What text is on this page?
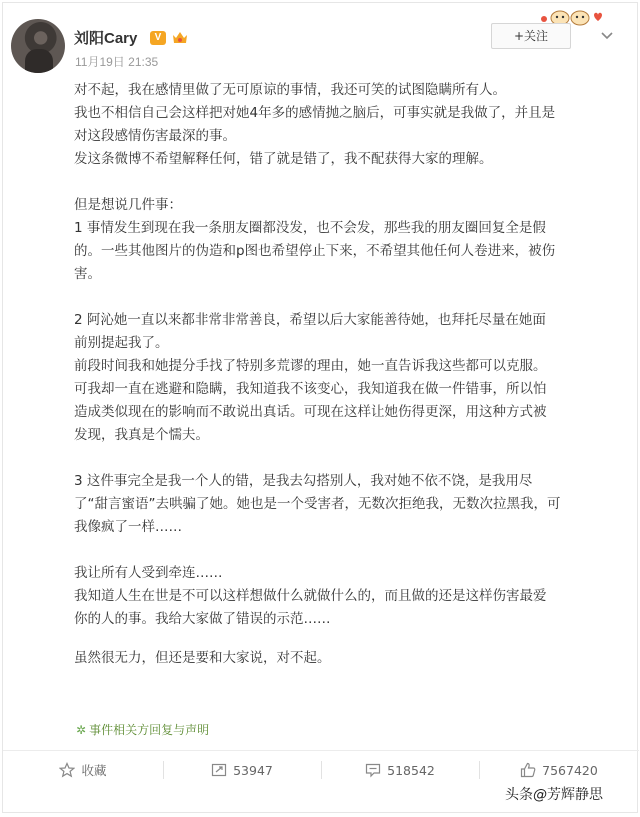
刘阳Cary	V
11月19日 21:35
+关注

对不起，我在感情里做了无可原谅的事情，我还可笑的试图隐瞒所有人。

我也不相信自己会这样把对她4年多的感情抛之脑后，可事实就是我做了，并且是

对这段感情伤害最深的事。

发这条微博不希望解释任何，错了就是错了，我不配获得大家的理解。

但是想说几件事：

1 事情发生到现在我一条朋友圈都没发，也不会发，那些我的朋友圈回复全是假

的。一些其他图片的伪造和p图也希望停止下来，不希望其他任何人卷进来，被伤

害。

2 阿沁她一直以来都非常非常善良，希望以后大家能善待她，也拜托尽量在她面

前别提起我了。

前段时间我和她提分手找了特别多荒谬的理由，她一直告诉我这些都可以克服。

可我却一直在逃避和隐瞒，我知道我不该变心，我知道我在做一件错事，所以怕

造成类似现在的影响而不敢说出真话。可现在这样让她伤得更深，用这种方式被

发现，我真是个懦夫。

3 这件事完全是我一个人的错，是我去勾搭别人，我对她不依不饶，是我用尽

了“甜言蜜语”去哄骗了她。她也是一个受害者，无数次拒绝我，无数次拉黑我，可

我像疯了一样……

我让所有人受到牵连……

我知道人生在世是不可以这样想做什么就做什么的，而且做的还是这样伤害最爱

你的人的事。我给大家做了错误的示范……

虽然很无力，但还是要和大家说，对不起。

✲ 事件相关方回复与声明
收藏	53947	518542	7567420
头条@芳辉静思
